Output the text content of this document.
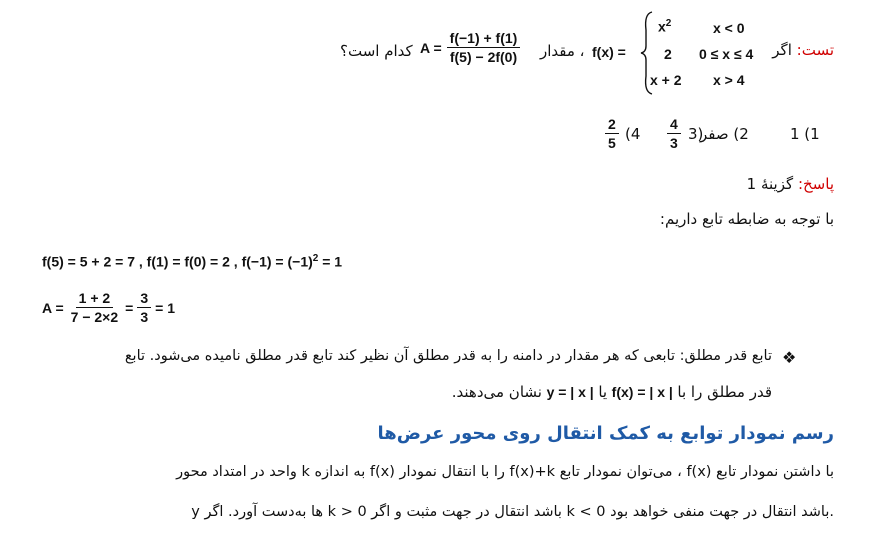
تست: اگر
f(x) =
$x^2$	x < 0
2 0 ≤ x ≤ 4
x + 2 x > 4
، مقدار
$A = \frac{f(-1) + f(1)}{f(5) - 2f(0)}$
کدام است؟
1 (1
2) صفر
3)
$\frac{4}{3}$
(4
$\frac{2}{5}$
پاسخ: گزینهٔ 1
با توجه به ضابطه تابع داریم:
f(5) = 5 + 2 = 7 , f(1) = f(0) = 2 , $f(-1) = (-1)^2 = 1$
$A = \frac{1 + 2}{7 - 2\times 2} = \frac{3}{3} = 1$
❖
تابع قدر مطلق: تابعی که هر مقدار در دامنه را به قدر مطلق آن نظیر کند تابع قدر مطلق نامیده می‌شود. تابع
قدر مطلق را با f(x) = | x | یا y = | x | نشان می‌دهند.
رسم نمودار توابع به کمک انتقال روی محور عرض‌ها
با داشتن نمودار تابع f(x) ، می‌توان نمودار تابع f(x)+k را با انتقال نمودار f(x) به اندازه k واحد در امتداد محور
y ها به‌دست آورد. اگر k > 0 باشد انتقال در جهت مثبت و اگر k < 0 باشد انتقال در جهت منفی خواهد بود.
